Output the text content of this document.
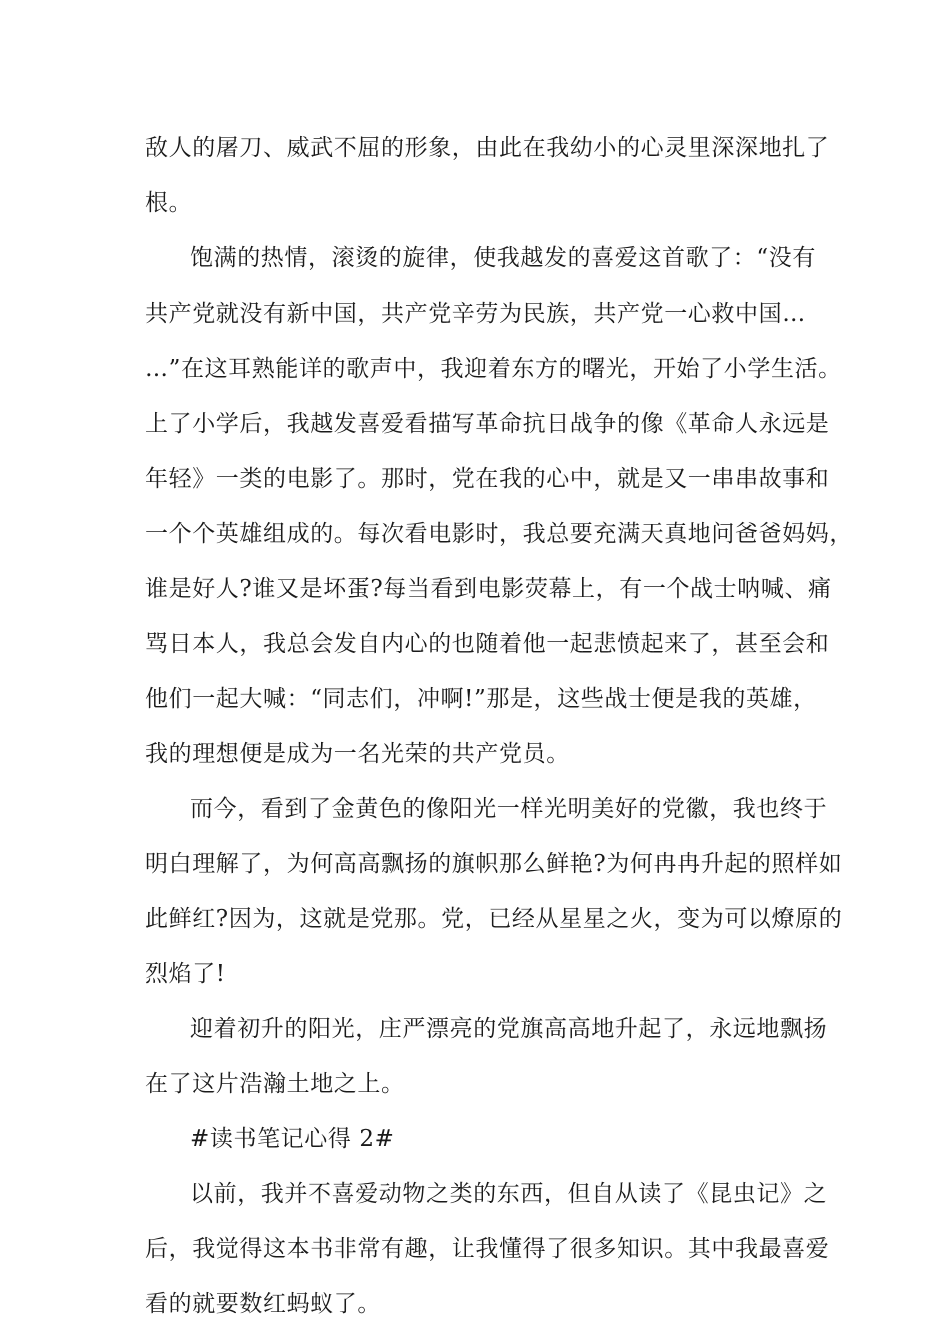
敌人的屠刀、威武不屈的形象，由此在我幼小的心灵里深深地扎了
根。
饱满的热情，滚烫的旋律，使我越发的喜爱这首歌了：“没有
共产党就没有新中国，共产党辛劳为民族，共产党一心救中国…
…”在这耳熟能详的歌声中，我迎着东方的曙光，开始了小学生活。
上了小学后，我越发喜爱看描写革命抗日战争的像《革命人永远是
年轻》一类的电影了。那时，党在我的心中，就是又一串串故事和
一个个英雄组成的。每次看电影时，我总要充满天真地问爸爸妈妈，
谁是好人?谁又是坏蛋?每当看到电影荧幕上，有一个战士呐喊、痛
骂日本人，我总会发自内心的也随着他一起悲愤起来了，甚至会和
他们一起大喊：“同志们，冲啊!”那是，这些战士便是我的英雄，
我的理想便是成为一名光荣的共产党员。
而今，看到了金黄色的像阳光一样光明美好的党徽，我也终于
明白理解了，为何高高飘扬的旗帜那么鲜艳?为何冉冉升起的照样如
此鲜红?因为，这就是党那。党，已经从星星之火，变为可以燎原的
烈焰了!
迎着初升的阳光，庄严漂亮的党旗高高地升起了，永远地飘扬
在了这片浩瀚土地之上。
#读书笔记心得 2#
以前，我并不喜爱动物之类的东西，但自从读了《昆虫记》之
后，我觉得这本书非常有趣，让我懂得了很多知识。其中我最喜爱
看的就要数红蚂蚁了。
